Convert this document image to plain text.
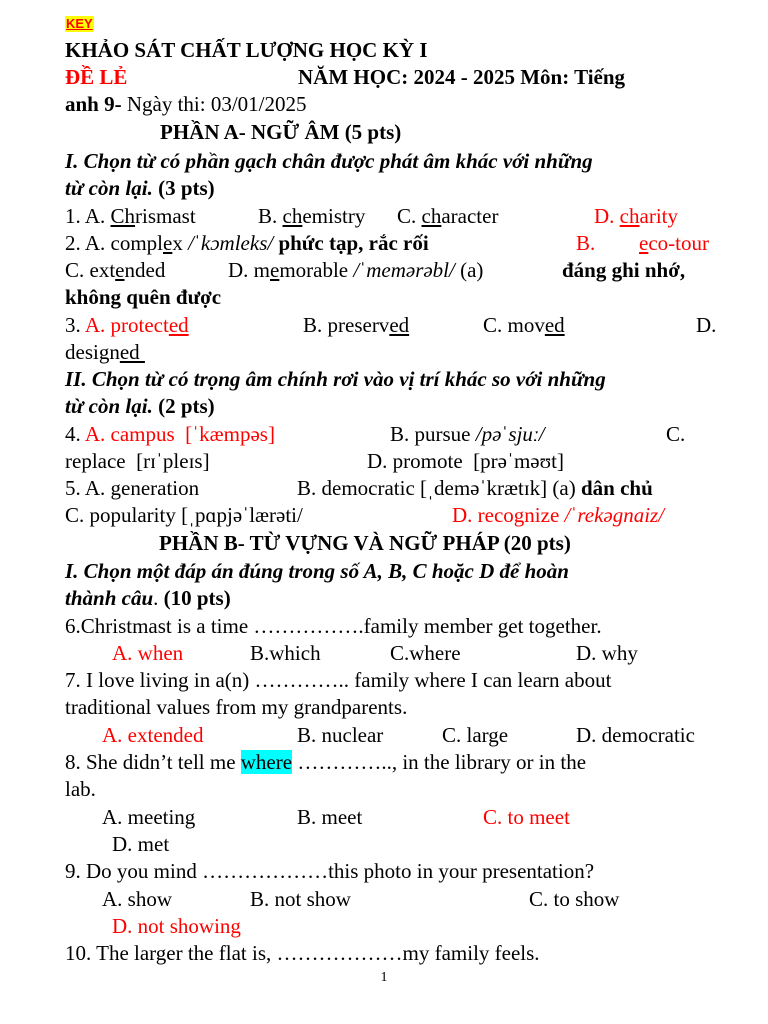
KEY
KHẢO SÁT CHẤT LƯỢNG HỌC KỲ I
ĐỀ LẺ	NĂM HỌC: 2024 - 2025 Môn: Tiếng
anh 9- Ngày thi: 03/01/2025
PHẦN A- NGỮ ÂM (5 pts)
I. Chọn từ có phần gạch chân được phát âm khác với những
từ còn lại. (3 pts)
1. A. Chrismast	B. chemistry C. character	D. charity
2. A. complex /ˈkɔmleks/ phức tạp, rắc rối	B. eco-tour
C. extended	D. memorable /ˈmemərəbl/ (a)	đáng ghi nhớ,
không quên được
3. A. protected	B. preserved	C. moved	D.
designed
II. Chọn từ có trọng âm chính rơi vào vị trí khác so với những
từ còn lại. (2 pts)
4. A. campus  [ˈkæmpəs]	B. pursue /pəˈsjuː/	C.
replace  [rɪˈpleɪs]	D. promote  [prəˈməʊt]
5. A. generation	B. democratic [ˌdeməˈkrætɪk] (a) dân chủ
C. popularity [ˌpɑpjəˈlærəti/	D. recognize /ˈrekəgnaiz/
PHẦN B- TỪ VỰNG VÀ NGỮ PHÁP (20 pts)
I. Chọn một đáp án đúng trong số A, B, C hoặc D để hoàn
thành câu. (10 pts)
6.Christmast is a time …………….family member get together.
A. when	B.which	C.where	D. why
7. I love living in a(n) ………….. family where I can learn about
traditional values from my grandparents.
A. extended	B. nuclear	C. large	D. democratic
8. She didn’t tell me where ………….., in the library or in the
lab.
A. meeting	B. meet	C. to meet
D. met
9. Do you mind ………………this photo in your presentation?
A. show	B. not show	C. to show
D. not showing
10. The larger the flat is, ………………my family feels.
1
